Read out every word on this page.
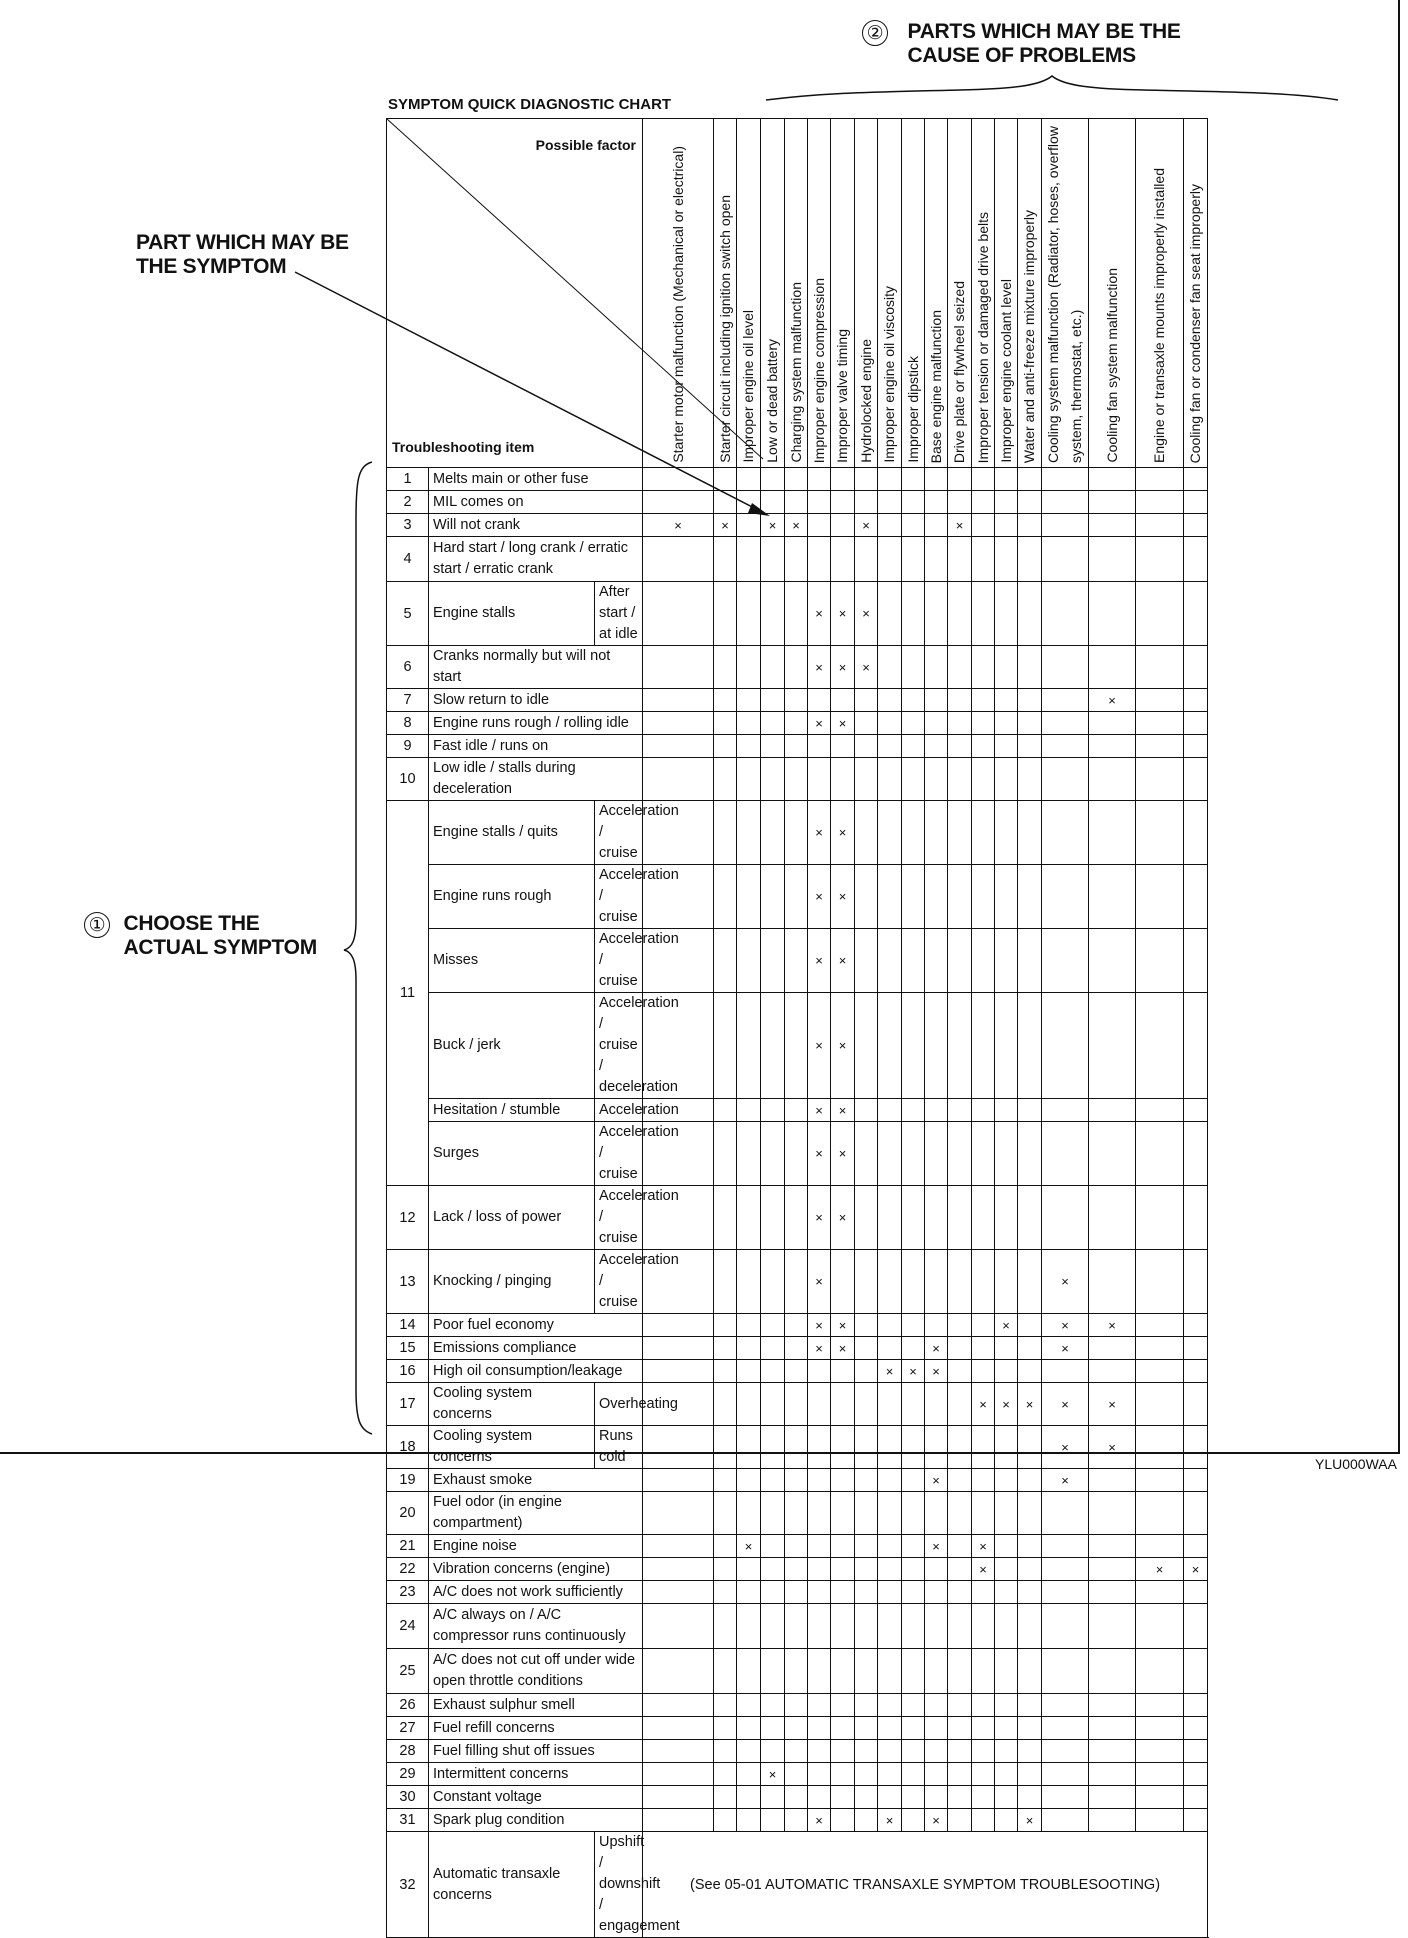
② PARTS WHICH MAY BE THE CAUSE OF PROBLEMS
PART WHICH MAY BE THE SYMPTOM
① CHOOSE THE ACTUAL SYMPTOM
SYMPTOM QUICK DIAGNOSTIC CHART
Possible factor
Troubleshooting item			Starter motor malfunction (Mechanical or electrical)	Starter circuit including ignition switch open	Improper engine oil level	Low or dead battery	Charging system malfunction	Improper engine compression	Improper valve timing	Hydrolocked engine	Improper engine oil viscosity	Improper dipstick	Base engine malfunction	Drive plate or flywheel seized	Improper tension or damaged drive belts	Improper engine coolant level	Water and anti-freeze mixture improperly	Cooling system malfunction (Radiator, hoses, overflow system, thermostat, etc.)	Cooling fan system malfunction	Engine or transaxle mounts improperly installed	Cooling fan or condenser fan seat improperly

1	Melts main or other fuse																					
2	MIL comes on																					
3	Will not crank		×	×		×	×			×				×									
4	Hard start / long crank / erratic start / erratic crank																					
5	Engine stalls	After start / at idle						×	×	×													
6	Cranks normally but will not start							×	×	×													
7	Slow return to idle																		×				
8	Engine runs rough / rolling idle							×	×														
9	Fast idle / runs on																					
10	Low idle / stalls during deceleration																					
11	Engine stalls / quits	Acceleration / cruise						×	×														
	Engine runs rough	Acceleration / cruise						×	×														
	Misses	Acceleration / cruise						×	×														
	Buck / jerk	Acceleration / cruise / deceleration						×	×														
	Hesitation / stumble	Acceleration						×	×														
	Surges	Acceleration / cruise						×	×														
12	Lack / loss of power	Acceleration / cruise						×	×														
13	Knocking / pinging	Acceleration / cruise						×										×					
14	Poor fuel economy							×	×							×		×	×				
15	Emissions compliance							×	×				×					×					
16	High oil consumption/leakage										×	×	×										
17	Cooling system concerns	Overheating													×	×	×	×	×				
18	Cooling system concerns	Runs cold																×	×				
19	Exhaust smoke												×					×					
20	Fuel odor (in engine compartment)																					
21	Engine noise				×								×		×								
22	Vibration concerns (engine)														×					×	×		
23	A/C does not work sufficiently																					
24	A/C always on / A/C compressor runs continuously																					
25	A/C does not cut off under wide open throttle conditions																					
26	Exhaust sulphur smell																					
27	Fuel refill concerns																					
28	Fuel filling shut off issues																					
29	Intermittent concerns					×																	
30	Constant voltage																					
31	Spark plug condition							×			×		×				×						
32	Automatic transaxle concerns	Upshift / downshift / engagement	(See 05-01 AUTOMATIC TRANSAXLE SYMPTOM TROUBLESOOTING)																			
YLU000WAA
